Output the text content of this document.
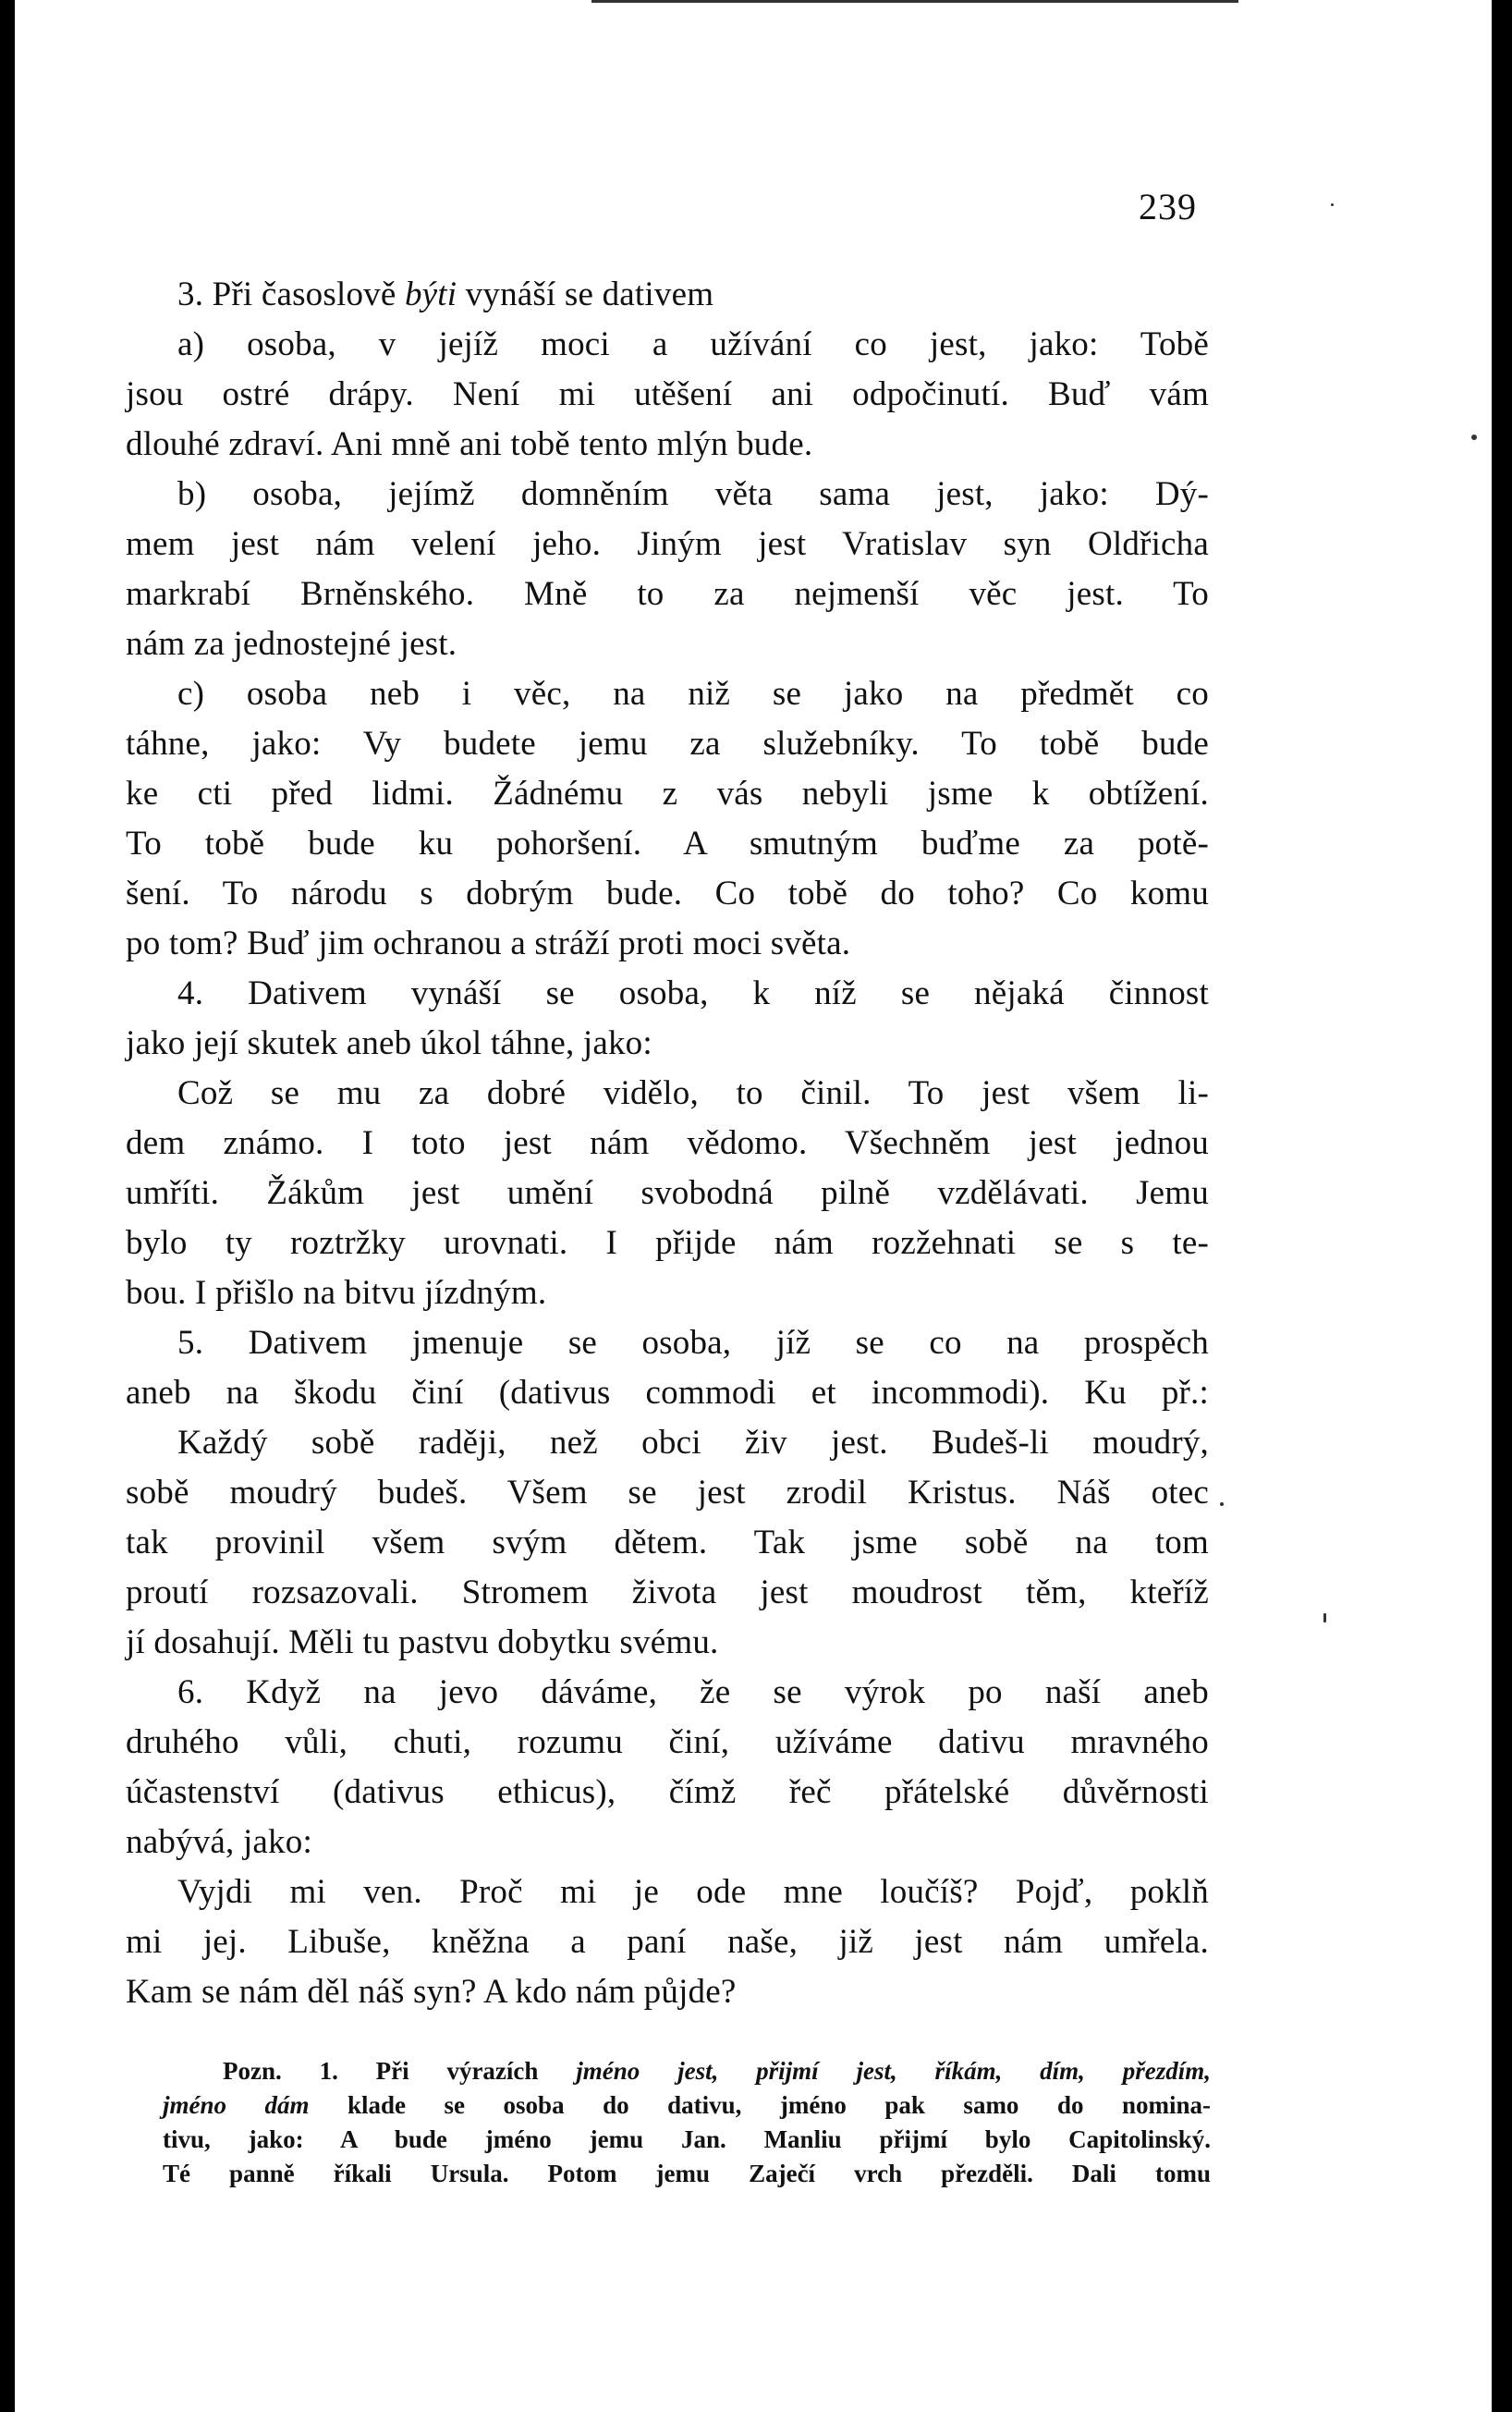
239
3. Při časoslově býti vynáší se dativem
a) osoba, v jejíž moci a užívání co jest, jako: Tobě
jsou ostré drápy. Není mi utěšení ani odpočinutí. Buď vám
dlouhé zdraví. Ani mně ani tobě tento mlýn bude.
b) osoba, jejímž domněním věta sama jest, jako: Dý-
mem jest nám velení jeho. Jiným jest Vratislav syn Oldřicha
markrabí Brněnského. Mně to za nejmenší věc jest. To
nám za jednostejné jest.
c) osoba neb i věc, na niž se jako na předmět co
táhne, jako: Vy budete jemu za služebníky. To tobě bude
ke cti před lidmi. Žádnému z vás nebyli jsme k obtížení.
To tobě bude ku pohoršení. A smutným buďme za potě-
šení. To národu s dobrým bude. Co tobě do toho? Co komu
po tom? Buď jim ochranou a stráží proti moci světa.
4. Dativem vynáší se osoba, k níž se nějaká činnost
jako její skutek aneb úkol táhne, jako:
Což se mu za dobré vidělo, to činil. To jest všem li-
dem známo. I toto jest nám vědomo. Všechněm jest jednou
umříti. Žákům jest umění svobodná pilně vzdělávati. Jemu
bylo ty roztržky urovnati. I přijde nám rozžehnati se s te-
bou. I přišlo na bitvu jízdným.
5. Dativem jmenuje se osoba, jíž se co na prospěch
aneb na škodu činí (dativus commodi et incommodi). Ku př.:
Každý sobě raději, než obci živ jest. Budeš-li moudrý,
sobě moudrý budeš. Všem se jest zrodil Kristus. Náš otec
tak provinil všem svým dětem. Tak jsme sobě na tom
proutí rozsazovali. Stromem života jest moudrost těm, kteříž
jí dosahují. Měli tu pastvu dobytku svému.
6. Když na jevo dáváme, že se výrok po naší aneb
druhého vůli, chuti, rozumu činí, užíváme dativu mravného
účastenství (dativus ethicus), čímž řeč přátelské důvěrnosti
nabývá, jako:
Vyjdi mi ven. Proč mi je ode mne loučíš? Pojď, poklň
mi jej. Libuše, kněžna a paní naše, již jest nám umřela.
Kam se nám děl náš syn? A kdo nám půjde?
Pozn. 1. Při výrazích jméno jest, přijmí jest, říkám, dím, přezdím,
jméno dám klade se osoba do dativu, jméno pak samo do nomina-
tivu, jako: A bude jméno jemu Jan. Manliu přijmí bylo Capitolinský.
Té panně říkali Ursula. Potom jemu Zaječí vrch přezděli. Dali tomu
